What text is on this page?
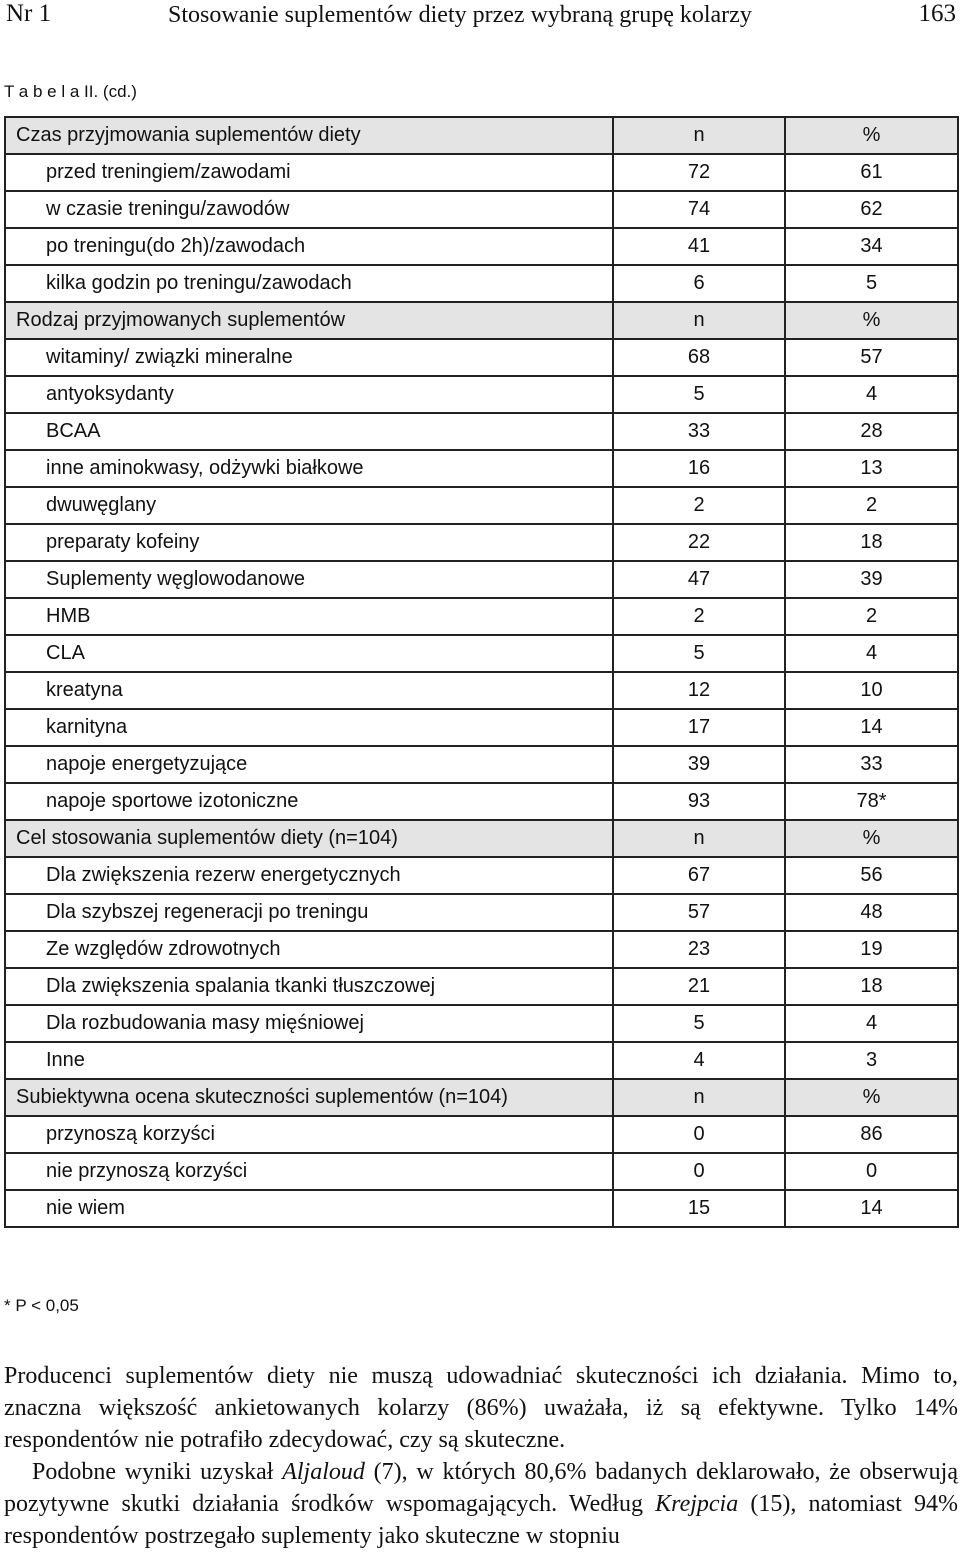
Nr 1	Stosowanie suplementów diety przez wybraną grupę kolarzy	163
T a b e l a II. (cd.)
Czas przyjmowania suplementów diety	n	%
przed treningiem/zawodami	72	61
w czasie treningu/zawodów	74	62
po treningu(do 2h)/zawodach	41	34
kilka godzin po treningu/zawodach	6	5
Rodzaj przyjmowanych suplementów	n	%
witaminy/ związki mineralne	68	57
antyoksydanty	5	4
BCAA	33	28
inne aminokwasy, odżywki białkowe	16	13
dwuwęglany	2	2
preparaty kofeiny	22	18
Suplementy węglowodanowe	47	39
HMB	2	2
CLA	5	4
kreatyna	12	10
karnityna	17	14
napoje energetyzujące	39	33
napoje sportowe izotoniczne	93	78*
Cel stosowania suplementów diety (n=104)	n	%
Dla zwiększenia rezerw energetycznych	67	56
Dla szybszej regeneracji po treningu	57	48
Ze względów zdrowotnych	23	19
Dla zwiększenia spalania tkanki tłuszczowej	21	18
Dla rozbudowania masy mięśniowej	5	4
Inne	4	3
Subiektywna ocena skuteczności suplementów (n=104)	n	%
przynoszą korzyści	0	86
nie przynoszą korzyści	0	0
nie wiem	15	14
* P < 0,05

Producenci suplementów diety nie muszą udowadniać skuteczności ich działania. Mimo to, znaczna większość ankietowanych kolarzy (86%) uważała, iż są efektywne. Tylko 14% respondentów nie potrafiło zdecydować, czy są skuteczne.

Podobne wyniki uzyskał Aljaloud (7), w których 80,6% badanych deklarowało, że obserwują pozytywne skutki działania środków wspomagających. Według Krejpcia (15), natomiast 94% respondentów postrzegało suplementy jako skuteczne w stopniu
